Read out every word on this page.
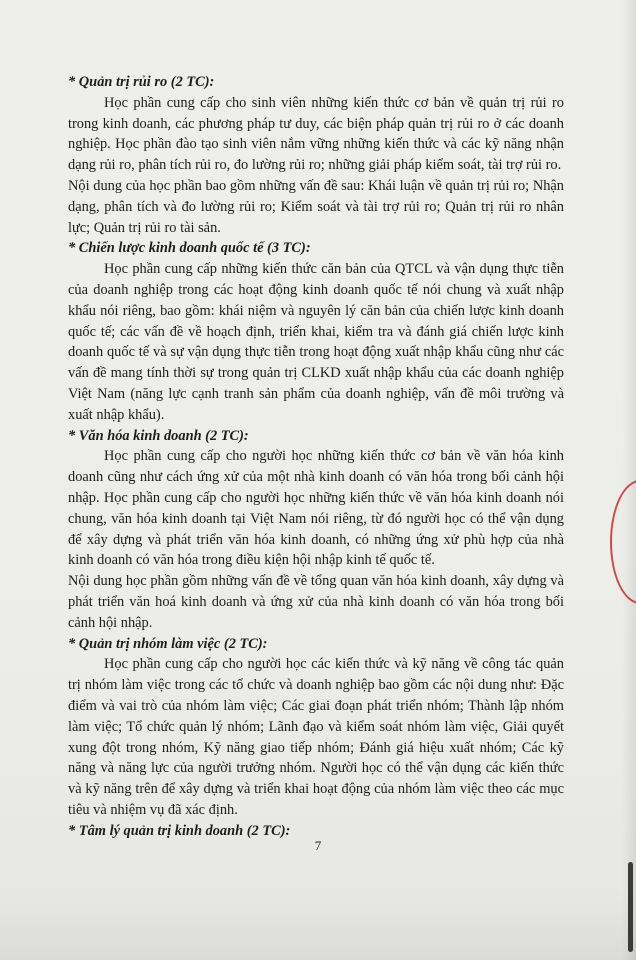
* Quản trị rủi ro (2 TC):

Học phần cung cấp cho sinh viên những kiến thức cơ bản về quản trị rủi ro trong kinh doanh, các phương pháp tư duy, các biện pháp quản trị rủi ro ở các doanh nghiệp. Học phần đào tạo sinh viên nắm vững những kiến thức và các kỹ năng nhận dạng rủi ro, phân tích rủi ro, đo lường rủi ro; những giải pháp kiểm soát, tài trợ rủi ro.

Nội dung của học phần bao gồm những vấn đề sau: Khái luận về quản trị rủi ro; Nhận dạng, phân tích và đo lường rủi ro; Kiểm soát và tài trợ rủi ro; Quản trị rủi ro nhân lực; Quản trị rủi ro tài sản.

* Chiến lược kinh doanh quốc tế (3 TC):

Học phần cung cấp những kiến thức căn bản của QTCL và vận dụng thực tiễn của doanh nghiệp trong các hoạt động kinh doanh quốc tế nói chung và xuất nhập khẩu nói riêng, bao gồm: khái niệm và nguyên lý căn bản của chiến lược kinh doanh quốc tế; các vấn đề về hoạch định, triển khai, kiểm tra và đánh giá chiến lược kinh doanh quốc tế và sự vận dụng thực tiễn trong hoạt động xuất nhập khẩu cũng như các vấn đề mang tính thời sự trong quản trị CLKD xuất nhập khẩu của các doanh nghiệp Việt Nam (năng lực cạnh tranh sản phẩm của doanh nghiệp, vấn đề môi trường và xuất nhập khẩu).

* Văn hóa kinh doanh (2 TC):

Học phần cung cấp cho người học những kiến thức cơ bản về văn hóa kinh doanh cũng như cách ứng xử của một nhà kinh doanh có văn hóa trong bối cảnh hội nhập. Học phần cung cấp cho người học những kiến thức về văn hóa kinh doanh nói chung, văn hóa kinh doanh tại Việt Nam nói riêng, từ đó người học có thể vận dụng để xây dựng và phát triển văn hóa kinh doanh, có những ứng xử phù hợp của nhà kinh doanh có văn hóa trong điều kiện hội nhập kinh tế quốc tế.

Nội dung học phần gồm những vấn đề về tổng quan văn hóa kinh doanh, xây dựng và phát triển văn hoá kinh doanh và ứng xử của nhà kinh doanh có văn hóa trong bối cảnh hội nhập.

* Quản trị nhóm làm việc (2 TC):

Học phần cung cấp cho người học các kiến thức và kỹ năng về công tác quản trị nhóm làm việc trong các tổ chức và doanh nghiệp bao gồm các nội dung như: Đặc điểm và vai trò của nhóm làm việc; Các giai đoạn phát triển nhóm; Thành lập nhóm làm việc; Tổ chức quản lý nhóm; Lãnh đạo và kiểm soát nhóm làm việc, Giải quyết xung đột trong nhóm, Kỹ năng giao tiếp nhóm; Đánh giá hiệu xuất nhóm; Các kỹ năng và năng lực của người trưởng nhóm. Người học có thể vận dụng các kiến thức và kỹ năng trên để xây dựng và triển khai hoạt động của nhóm làm việc theo các mục tiêu và nhiệm vụ đã xác định.

* Tâm lý quản trị kinh doanh (2 TC):

7
